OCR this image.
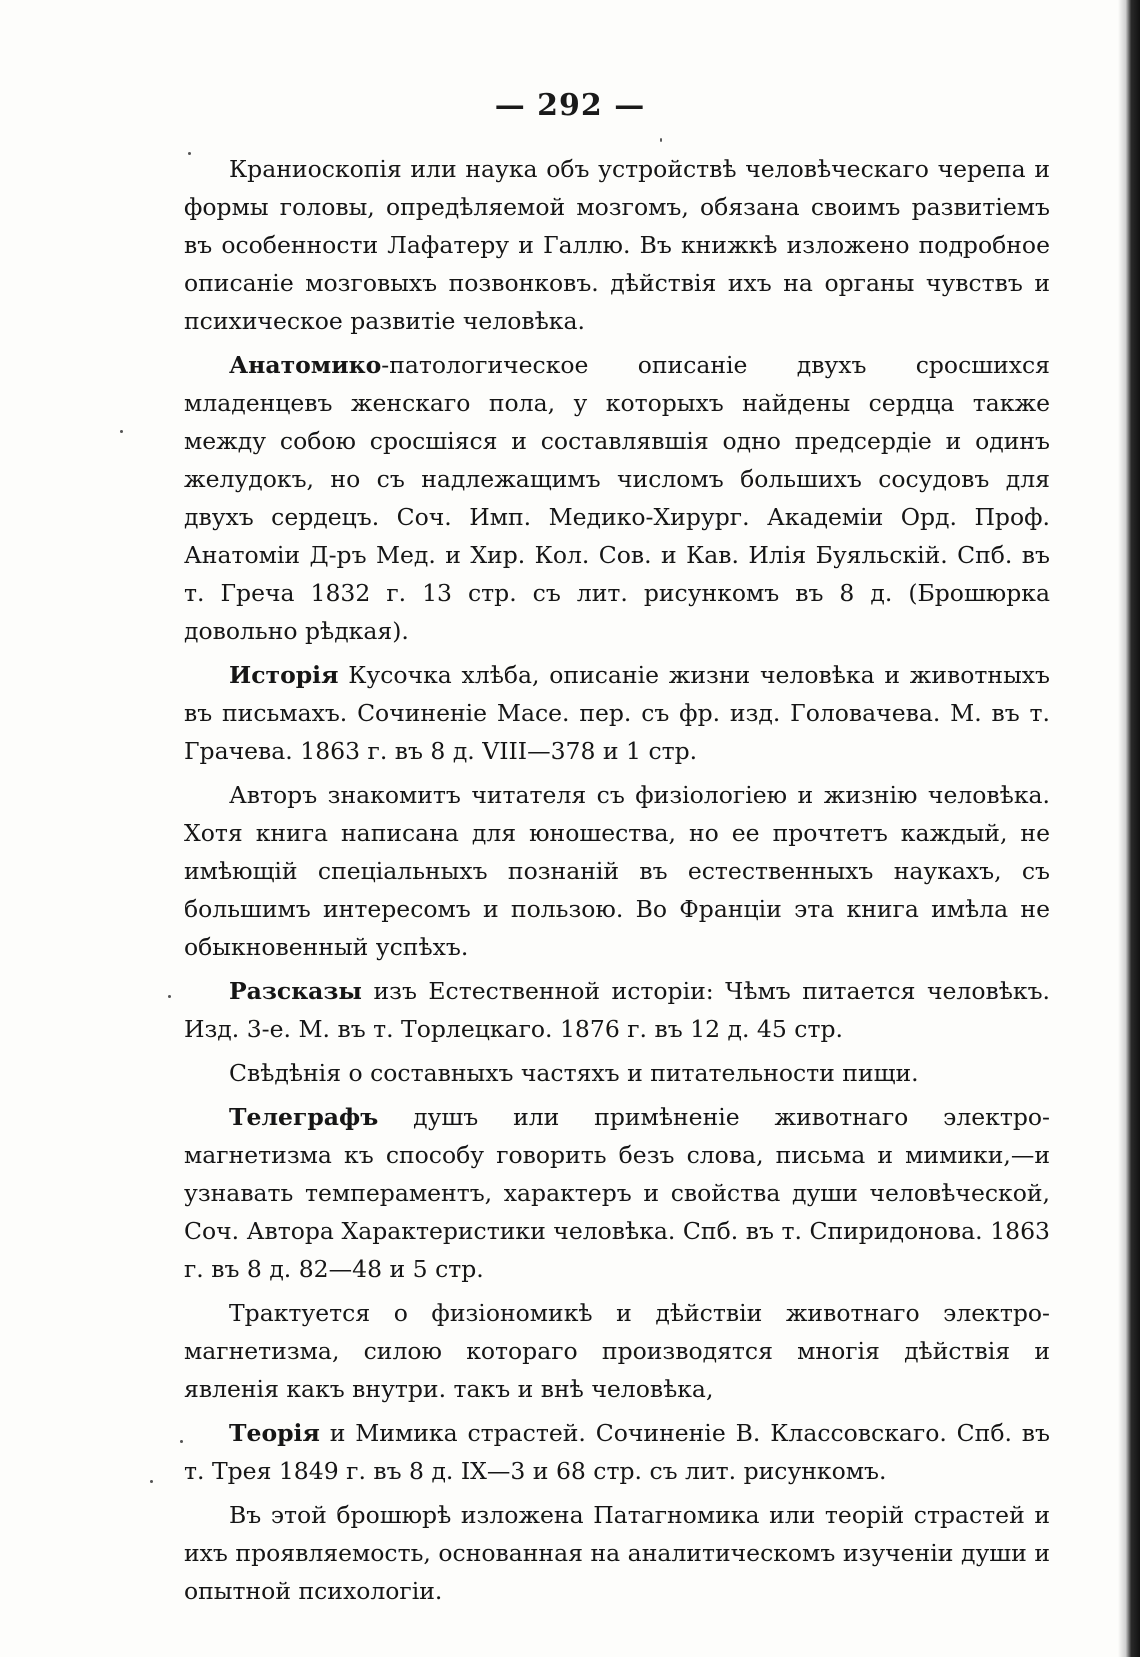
— 292 —

Краниоскопія или наука объ устройствѣ человѣческаго черепа и формы головы, опредѣляемой мозгомъ, обязана своимъ развитіемъ въ особенности Лафатеру и Галлю. Въ книжкѣ изложено подробное описаніе мозговыхъ позвонковъ. дѣйствія ихъ на органы чувствъ и психическое развитіе человѣка.

Анатомико-патологическое описаніе двухъ сросшихся младенцевъ женскаго пола, у которыхъ найдены сердца также между собою сросшіяся и составлявшія одно предсердіе и одинъ желудокъ, но съ надлежащимъ числомъ большихъ сосудовъ для двухъ сердецъ. Соч. Имп. Медико-Хирург. Академіи Орд. Проф. Анатоміи Д-ръ Мед. и Хир. Кол. Сов. и Кав. Илія Буяльскій. Спб. въ т. Греча 1832 г. 13 стр. съ лит. рисункомъ въ 8 д. (Брошюрка довольно рѣдкая).

Исторія Кусочка хлѣба, описаніе жизни человѣка и животныхъ въ письмахъ. Сочиненіе Масе. пер. съ фр. изд. Головачева. М. въ т. Грачева. 1863 г. въ 8 д. VIII—378 и 1 стр.

Авторъ знакомитъ читателя съ физіологіею и жизнію человѣка. Хотя книга написана для юношества, но ее прочтетъ каждый, не имѣющій спеціальныхъ познаній въ естественныхъ наукахъ, съ большимъ интересомъ и пользою. Во Франціи эта книга имѣла не обыкновенный успѣхъ.

Разсказы изъ Естественной исторіи: Чѣмъ питается человѣкъ. Изд. 3-е. М. въ т. Торлецкаго. 1876 г. въ 12 д. 45 стр.

Свѣдѣнія о составныхъ частяхъ и питательности пищи.

Телеграфъ душъ или примѣненіе животнаго электро-магнетизма къ способу говорить безъ слова, письма и мимики,—и узнавать темпераментъ, характеръ и свойства души человѣческой, Соч. Автора Характеристики человѣка. Спб. въ т. Спиридонова. 1863 г. въ 8 д. 82—48 и 5 стр.

Трактуется о физіономикѣ и дѣйствіи животнаго электро-магнетизма, силою котораго производятся многія дѣйствія и явленія какъ внутри. такъ и внѣ человѣка,

Теорія и Мимика страстей. Сочиненіе В. Классовскаго. Спб. въ т. Трея 1849 г. въ 8 д. IX—3 и 68 стр. съ лит. рисункомъ.

Въ этой брошюрѣ изложена Патагномика или теорій страстей и ихъ проявляемость, основанная на аналитическомъ изученіи души и опытной психологіи.
